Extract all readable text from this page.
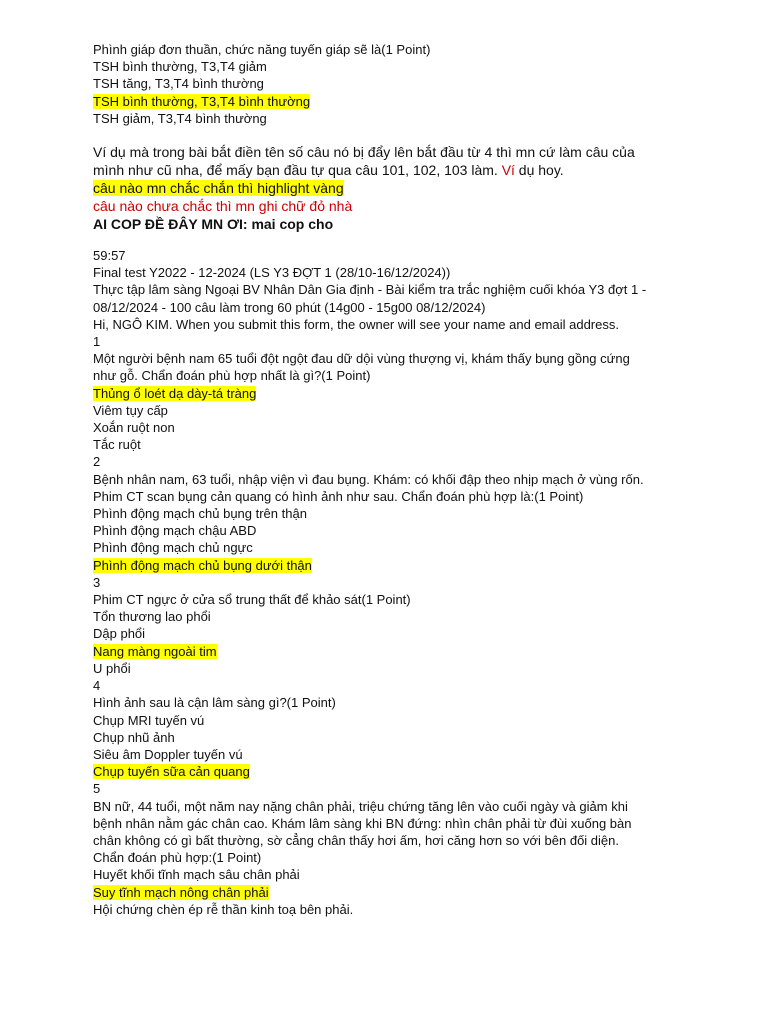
Phình giáp đơn thuần, chức năng tuyến giáp sẽ là(1 Point)
TSH bình thường, T3,T4 giảm
TSH tăng, T3,T4 bình thường
TSH bình thường, T3,T4 bình thường
TSH giảm, T3,T4 bình thường
Ví dụ mà trong bài bắt điền tên số câu nó bị đẩy lên bắt đầu từ 4 thì mn cứ làm câu của
mình như cũ nha, để mấy bạn đầu tự qua câu 101, 102, 103 làm. Ví dụ hoy.
câu nào mn chắc chắn thì highlight vàng
câu nào chưa chắc thì mn ghi chữ đỏ nhà
AI COP ĐỀ ĐÂY MN ƠI: mai cop cho
59:57
Final test Y2022 - 12-2024 (LS Y3 ĐỢT 1 (28/10-16/12/2024))
Thực tập lâm sàng Ngoại BV Nhân Dân Gia định - Bài kiểm tra trắc nghiệm cuối khóa Y3 đợt 1 -
08/12/2024 - 100 câu làm trong 60 phút (14g00 - 15g00 08/12/2024)
Hi, NGÔ KIM. When you submit this form, the owner will see your name and email address.
1
Một người bệnh nam 65 tuổi đột ngột đau dữ dội vùng thượng vị, khám thấy bụng gồng cứng
như gỗ. Chẩn đoán phù hợp nhất là gì?(1 Point)
Thủng ổ loét dạ dày-tá tràng
Viêm tụy cấp
Xoắn ruột non
Tắc ruột
2
Bệnh nhân nam, 63 tuổi, nhập viện vì đau bụng. Khám: có khối đập theo nhịp mạch ở vùng rốn.
Phim CT scan bụng cản quang có hình ảnh như sau. Chẩn đoán phù hợp là:(1 Point)
Phình động mạch chủ bụng trên thận
Phình động mạch chậu ABD
Phình động mạch chủ ngực
Phình động mạch chủ bụng dưới thận
3
Phim CT ngực ở cửa sổ trung thất để khảo sát(1 Point)
Tổn thương lao phổi
Dập phổi
Nang màng ngoài tim
U phổi
4
Hình ảnh sau là cận lâm sàng gì?(1 Point)
Chụp MRI tuyến vú
Chụp nhũ ảnh
Siêu âm Doppler tuyến vú
Chụp tuyến sữa cản quang
5
BN nữ, 44 tuổi, một năm nay nặng chân phải, triệu chứng tăng lên vào cuối ngày và giảm khi
bệnh nhân nằm gác chân cao. Khám lâm sàng khi BN đứng: nhìn chân phải từ đùi xuống bàn
chân không có gì bất thường, sờ cẳng chân thấy hơi ấm, hơi căng hơn so với bên đối diện.
Chẩn đoán phù hợp:(1 Point)
Huyết khối tĩnh mạch sâu chân phải
Suy tĩnh mạch nông chân phải
Hội chứng chèn ép rễ thần kinh toạ bên phải.
